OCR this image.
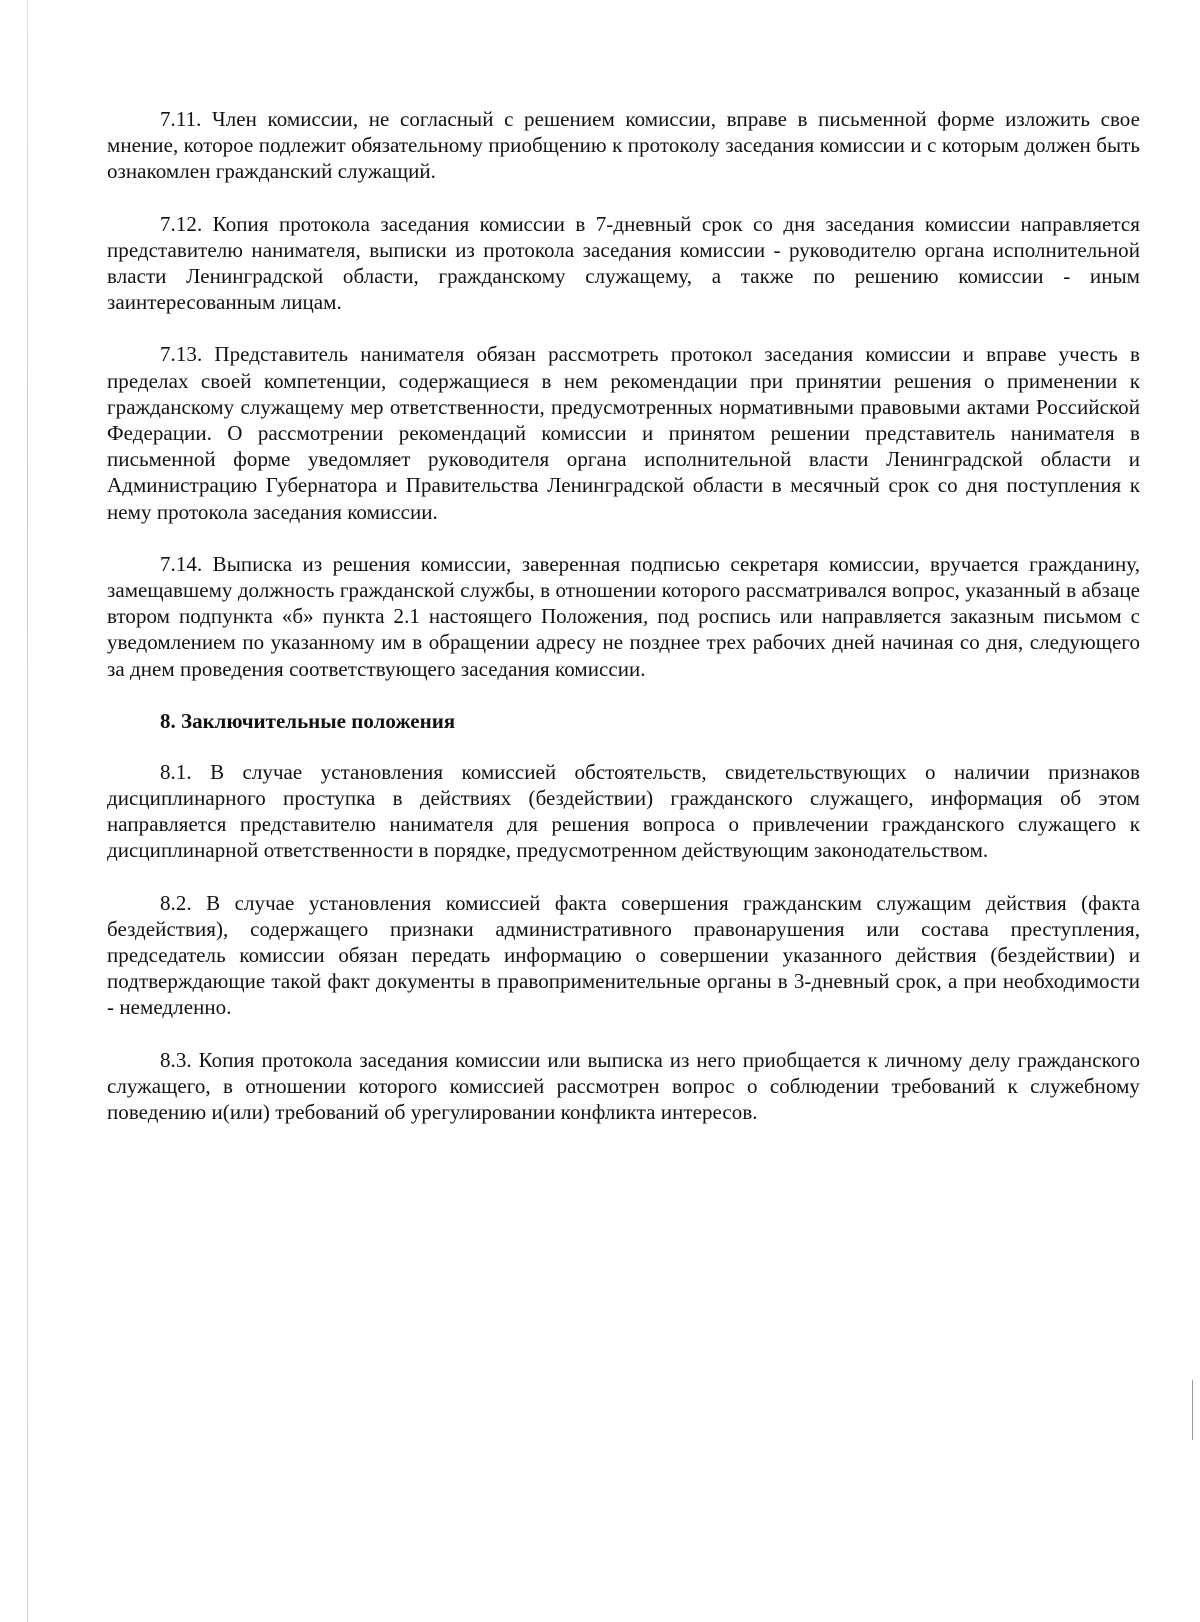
7.11. Член комиссии, не согласный с решением комиссии, вправе в письменной форме изложить свое мнение, которое подлежит обязательному приобщению к протоколу заседания комиссии и с которым должен быть ознакомлен гражданский служащий.

7.12. Копия протокола заседания комиссии в 7-дневный срок со дня заседания комиссии направляется представителю нанимателя, выписки из протокола заседания комиссии - руководителю органа исполнительной власти Ленинградской области, гражданскому служащему, а также по решению комиссии - иным заинтересованным лицам.

7.13. Представитель нанимателя обязан рассмотреть протокол заседания комиссии и вправе учесть в пределах своей компетенции, содержащиеся в нем рекомендации при принятии решения о применении к гражданскому служащему мер ответственности, предусмотренных нормативными правовыми актами Российской Федерации. О рассмотрении рекомендаций комиссии и принятом решении представитель нанимателя в письменной форме уведомляет руководителя органа исполнительной власти Ленинградской области и Администрацию Губернатора и Правительства Ленинградской области в месячный срок со дня поступления к нему протокола заседания комиссии.

7.14. Выписка из решения комиссии, заверенная подписью секретаря комиссии, вручается гражданину, замещавшему должность гражданской службы, в отношении которого рассматривался вопрос, указанный в абзаце втором подпункта «б» пункта 2.1 настоящего Положения, под роспись или направляется заказным письмом с уведомлением по указанному им в обращении адресу не позднее трех рабочих дней начиная со дня, следующего за днем проведения соответствующего заседания комиссии.

8. Заключительные положения

8.1. В случае установления комиссией обстоятельств, свидетельствующих о наличии признаков дисциплинарного проступка в действиях (бездействии) гражданского служащего, информация об этом направляется представителю нанимателя для решения вопроса о привлечении гражданского служащего к дисциплинарной ответственности в порядке, предусмотренном действующим законодательством.

8.2. В случае установления комиссией факта совершения гражданским служащим действия (факта бездействия), содержащего признаки административного правонарушения или состава преступления, председатель комиссии обязан передать информацию о совершении указанного действия (бездействии) и подтверждающие такой факт документы в правоприменительные органы в 3-дневный срок, а при необходимости - немедленно.

8.3. Копия протокола заседания комиссии или выписка из него приобщается к личному делу гражданского служащего, в отношении которого комиссией рассмотрен вопрос о соблюдении требований к служебному поведению и(или) требований об урегулировании конфликта интересов.
